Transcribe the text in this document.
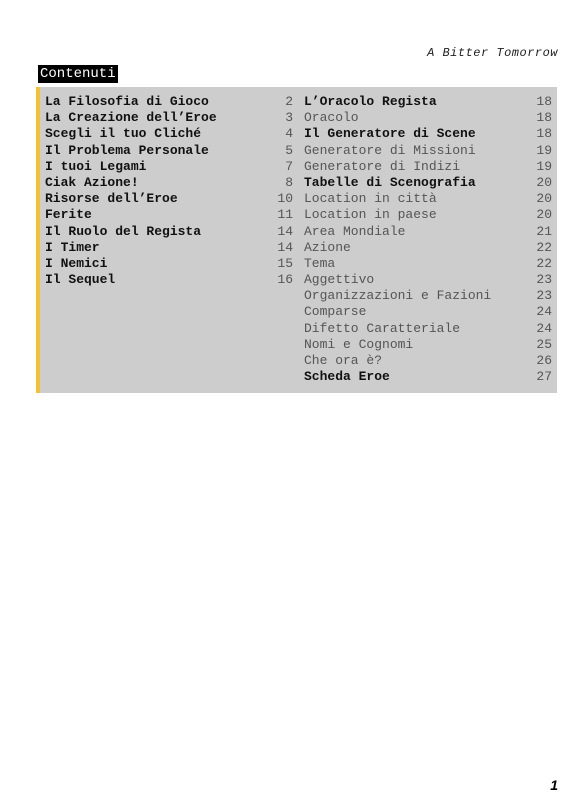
A Bitter Tomorrow
Contenuti
La Filosofia di Gioco	2
La Creazione dell’Eroe	3
Scegli il tuo Cliché	4
Il Problema Personale	5
I tuoi Legami	7
Ciak Azione!	8
Risorse dell’Eroe	10
Ferite	11
Il Ruolo del Regista	14
I Timer	14
I Nemici	15
Il Sequel	16
L’Oracolo Regista	18
Oracolo	18
Il Generatore di Scene	18
Generatore di Missioni	19
Generatore di Indizi	19
Tabelle di Scenografia	20
Location in città	20
Location in paese	20
Area Mondiale	21
Azione	22
Tema	22
Aggettivo	23
Organizzazioni e Fazioni	23
Comparse	24
Difetto Caratteriale	24
Nomi e Cognomi	25
Che ora è?	26
Scheda Eroe	27
1
